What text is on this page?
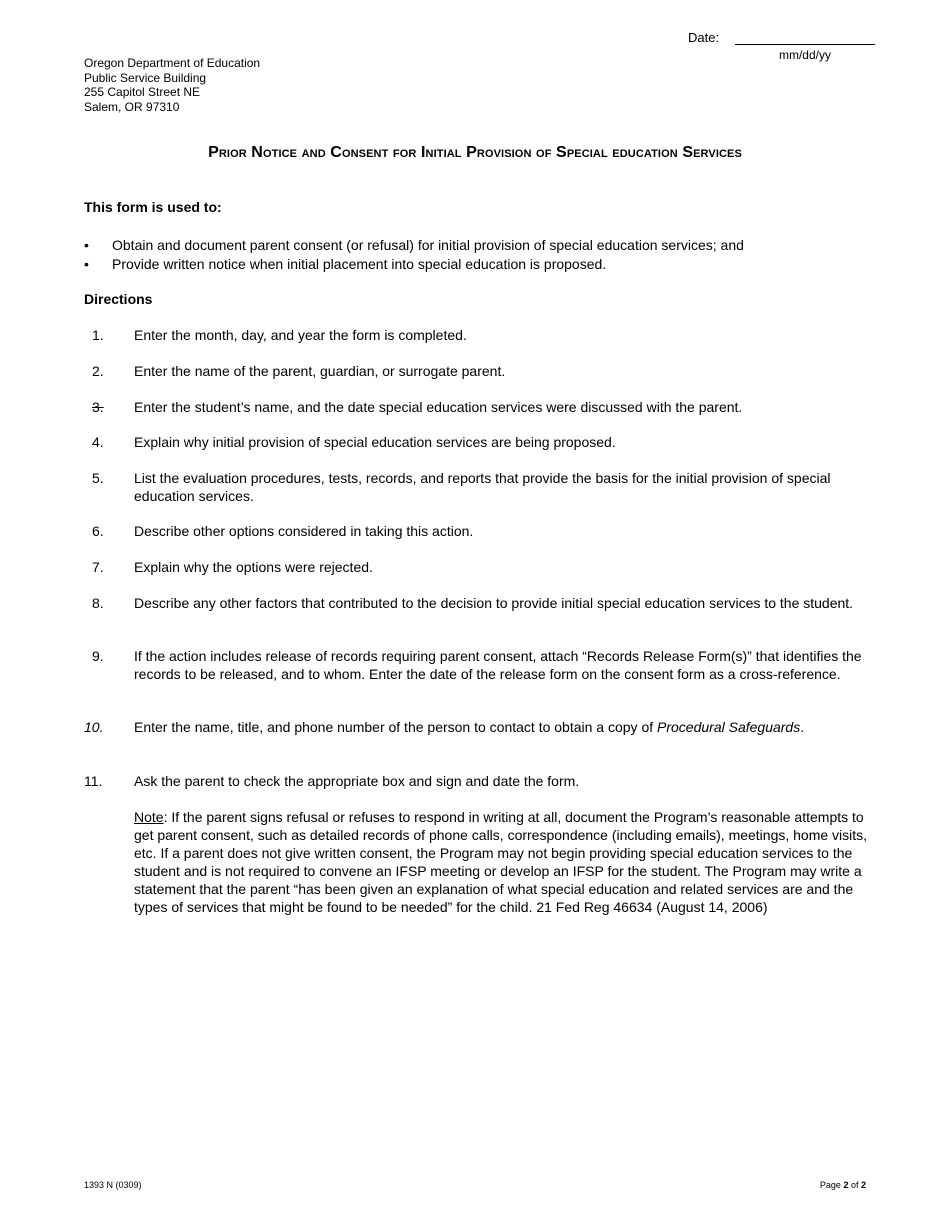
Date:
mm/dd/yy
Oregon Department of Education
Public Service Building
255 Capitol Street NE
Salem, OR 97310
Prior Notice and Consent for Initial Provision of Special education Services
This form is used to:
• Obtain and document parent consent (or refusal) for initial provision of special education services; and
• Provide written notice when initial placement into special education is proposed.
Directions
1.	Enter the month, day, and year the form is completed.
2.	Enter the name of the parent, guardian, or surrogate parent.
3.	Enter the student’s name, and the date special education services were discussed with the parent.
4.	Explain why initial provision of special education services are being proposed.
5.	List the evaluation procedures, tests, records, and reports that provide the basis for the initial provision of special education services.
6.	Describe other options considered in taking this action.
7.	Explain why the options were rejected.
8.	Describe any other factors that contributed to the decision to provide initial special education services to the student.
9.	If the action includes release of records requiring parent consent, attach “Records Release Form(s)” that identifies the records to be released, and to whom. Enter the date of the release form on the consent form as a cross-reference.
10.	Enter the name, title, and phone number of the person to contact to obtain a copy of Procedural Safeguards.
11.	Ask the parent to check the appropriate box and sign and date the form.
Note: If the parent signs refusal or refuses to respond in writing at all, document the Program’s reasonable attempts to get parent consent, such as detailed records of phone calls, correspondence (including emails), meetings, home visits, etc. If a parent does not give written consent, the Program may not begin providing special education services to the student and is not required to convene an IFSP meeting or develop an IFSP for the student. The Program may write a statement that the parent “has been given an explanation of what special education and related services are and the types of services that might be found to be needed” for the child. 21 Fed Reg 46634 (August 14, 2006)
1393 N (0309)	Page 2 of 2
